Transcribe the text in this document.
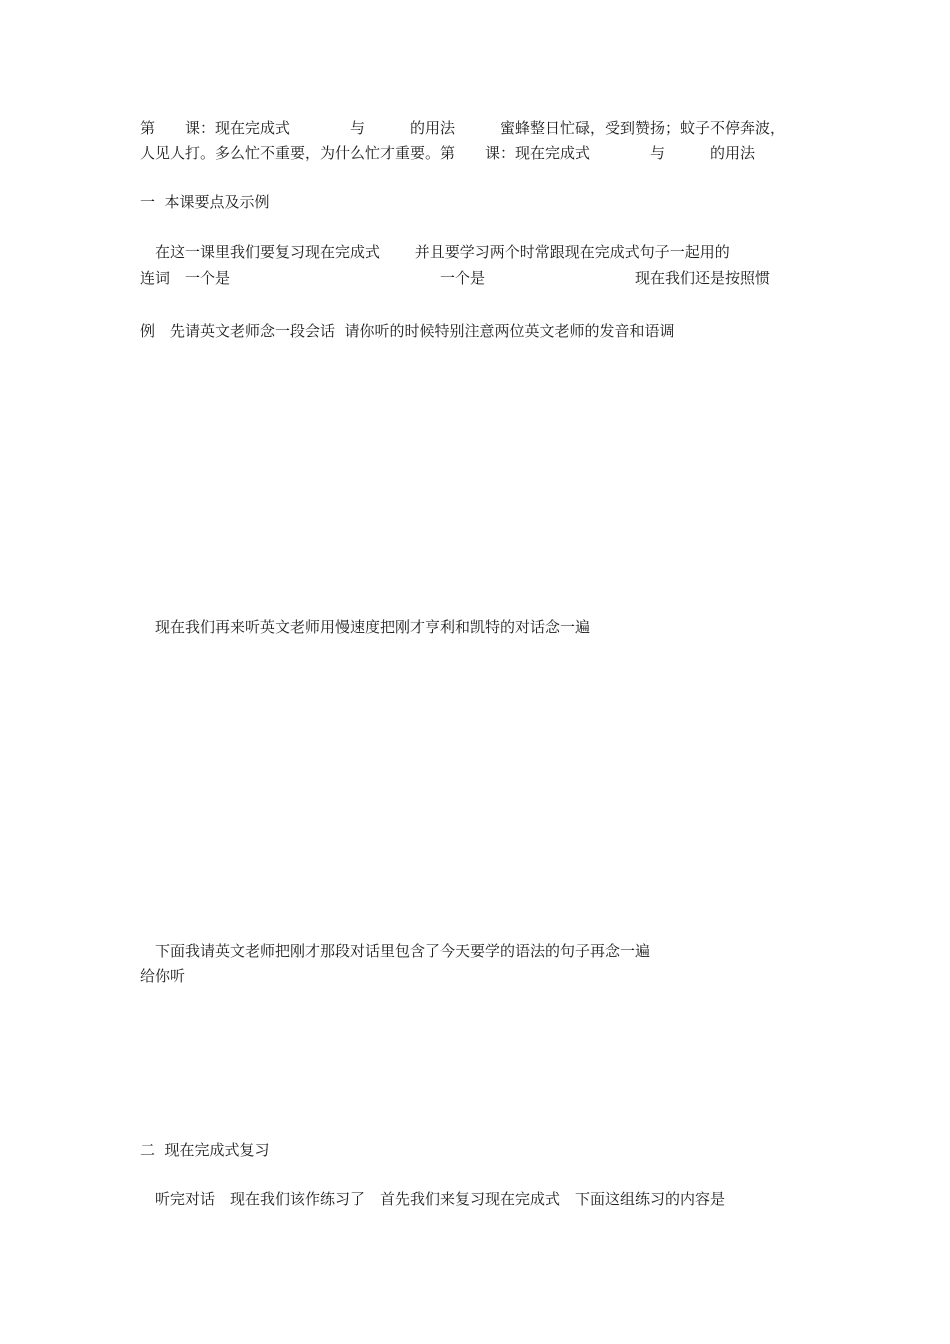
第　　课：现在完成式　　　　与　　　的用法　　　蜜蜂整日忙碌，受到赞扬；蚊子不停奔波，
人见人打。多么忙不重要，为什么忙才重要。第　　课：现在完成式　　　　与　　　的用法
一  本课要点及示例
　在这一课里我们要复习现在完成式　　 并且要学习两个时常跟现在完成式句子一起用的
连词　一个是　　　　　　　　　　　　　　一个是　　　　　　　　　　现在我们还是按照惯
例　先请英文老师念一段会话  请你听的时候特别注意两位英文老师的发音和语调
　现在我们再来听英文老师用慢速度把刚才亨利和凯特的对话念一遍
　下面我请英文老师把刚才那段对话里包含了今天要学的语法的句子再念一遍
给你听
二  现在完成式复习
　听完对话　现在我们该作练习了　首先我们来复习现在完成式　下面这组练习的内容是
